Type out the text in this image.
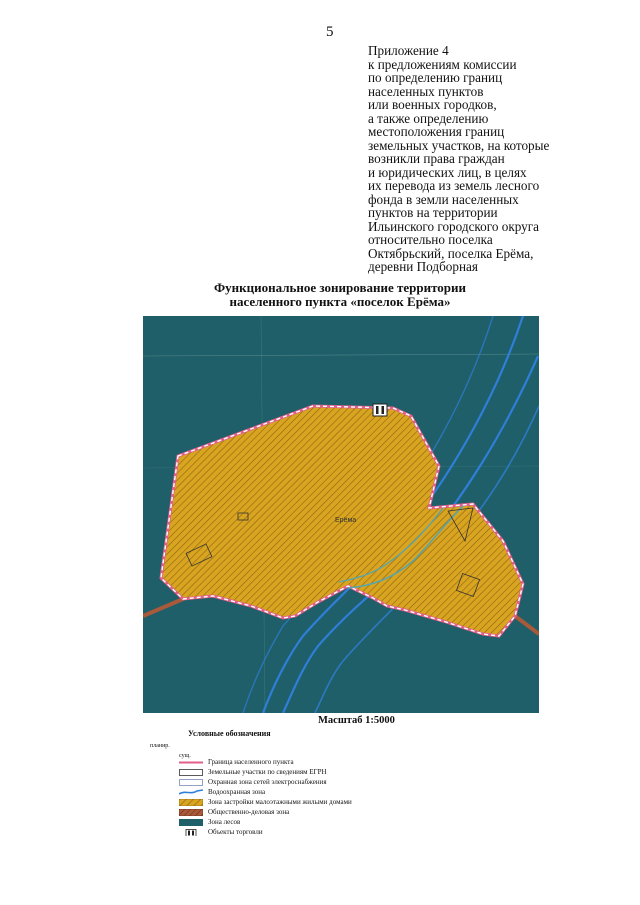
5
Приложение 4
к предложениям комиссии
по определению границ
населенных пунктов
или военных городков,
а также определению
местоположения границ
земельных участков, на которые
возникли права граждан
и юридических лиц, в целях
их перевода из земель лесного
фонда в земли населенных
пунктов на территории
Ильинского городского округа
относительно поселка
Октябрьский, поселка Ерёма,
деревни Подборная
Функциональное зонирование территории
населенного пункта «поселок Ерёма»
Ерёма
Масштаб 1:5000
Условные обозначения
планир.
сущ.
Граница населенного пункта
Земельные участки по сведениям ЕГРН
Охранная зона сетей электроснабжения
Водоохранная зона
Зона застройки малоэтажными жилыми домами
Общественно-деловая зона
Зона лесов
Объекты торговли
